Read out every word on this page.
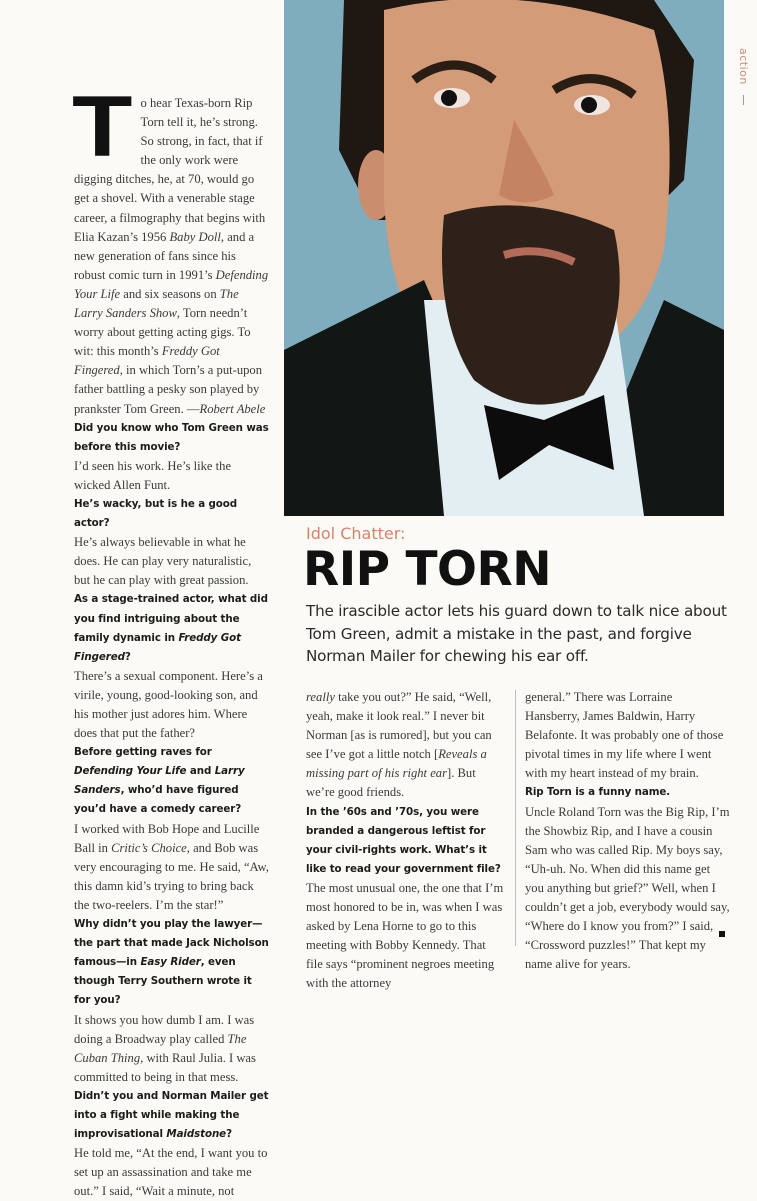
action

To hear Texas-born Rip Torn tell it, he’s strong. So strong, in fact, that if the only work were digging ditches, he, at 70, would go get a shovel. With a venerable stage career, a filmography that begins with Elia Kazan’s 1956 Baby Doll, and a new generation of fans since his robust comic turn in 1991’s Defending Your Life and six seasons on The Larry Sanders Show, Torn needn’t worry about getting acting gigs. To wit: this month’s Freddy Got Fingered, in which Torn’s a put-upon father battling a pesky son played by prankster Tom Green. —Robert Abele

Did you know who Tom Green was before this movie?

I’d seen his work. He’s like the wicked Allen Funt.

He’s wacky, but is he a good actor?

He’s always believable in what he does. He can play very naturalistic, but he can play with great passion.

As a stage-trained actor, what did you find intriguing about the family dynamic in Freddy Got Fingered?

There’s a sexual component. Here’s a virile, young, good-looking son, and his mother just adores him. Where does that put the father?

Before getting raves for Defending Your Life and Larry Sanders, who’d have figured you’d have a comedy career?

I worked with Bob Hope and Lucille Ball in Critic’s Choice, and Bob was very encouraging to me. He said, “Aw, this damn kid’s trying to bring back the two-reelers. I’m the star!”

Why didn’t you play the lawyer—the part that made Jack Nicholson famous—in Easy Rider, even though Terry Southern wrote it for you?

It shows you how dumb I am. I was doing a Broadway play called The Cuban Thing, with Raul Julia. I was committed to being in that mess.

Didn’t you and Norman Mailer get into a fight while making the improvisational Maidstone?

He told me, “At the end, I want you to set up an assassination and take me out.” I said, “Wait a minute, not

Idol Chatter:
RIP TORN
The irascible actor lets his guard down to talk nice about Tom Green, admit a mistake in the past, and forgive Norman Mailer for chewing his ear off.

really take you out?” He said, “Well, yeah, make it look real.” I never bit Norman [as is rumored], but you can see I’ve got a little notch [Reveals a missing part of his right ear]. But we’re good friends.

In the ’60s and ’70s, you were branded a dangerous leftist for your civil-rights work. What’s it like to read your government file?

The most unusual one, the one that I’m most honored to be in, was when I was asked by Lena Horne to go to this meeting with Bobby Kennedy. That file says “prominent negroes meeting with the attorney

general.” There was Lorraine Hansberry, James Baldwin, Harry Belafonte. It was probably one of those pivotal times in my life where I went with my heart instead of my brain.

Rip Torn is a funny name.

Uncle Roland Torn was the Big Rip, I’m the Showbiz Rip, and I have a cousin Sam who was called Rip. My boys say, “Uh-uh. No. When did this name get you anything but grief?” Well, when I couldn’t get a job, everybody would say, “Where do I know you from?” I said, “Crossword puzzles!” That kept my name alive for years.
